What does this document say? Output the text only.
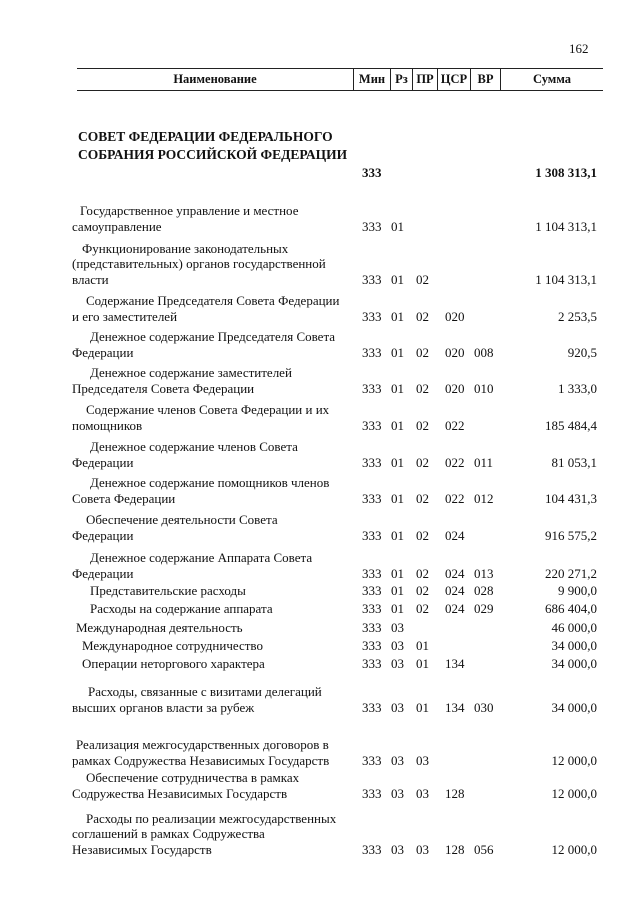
162
Наименование	Мин Рз ПР ЦСР ВР	Сумма
СОВЕТ ФЕДЕРАЦИИ ФЕДЕРАЛЬНОГО СОБРАНИЯ РОССИЙСКОЙ ФЕДЕРАЦИИ
333	1 308 313,1
Государственное управление и местное самоуправление	333 01	1 104 313,1
Функционирование законодательных (представительных) органов государственной власти	333 01 02	1 104 313,1
Содержание Председателя Совета Федерации и его заместителей	333 01 02 020	2 253,5
Денежное содержание Председателя Совета Федерации	333 01 02 020 008	920,5
Денежное содержание заместителей Председателя Совета Федерации	333 01 02 020 010	1 333,0
Содержание членов Совета Федерации и их помощников	333 01 02 022	185 484,4
Денежное содержание членов Совета Федерации	333 01 02 022 011	81 053,1
Денежное содержание помощников членов Совета Федерации	333 01 02 022 012	104 431,3
Обеспечение деятельности Совета Федерации	333 01 02 024	916 575,2
Денежное содержание Аппарата Совета Федерации	333 01 02 024 013	220 271,2
Представительские расходы	333 01 02 024 028	9 900,0
Расходы на содержание аппарата	333 01 02 024 029	686 404,0
Международная деятельность	333 03	46 000,0
Международное сотрудничество	333 03 01	34 000,0
Операции неторгового характера	333 03 01 134	34 000,0
Расходы, связанные с визитами делегаций высших органов власти за рубеж	333 03 01 134 030	34 000,0
Реализация межгосударственных договоров в рамках Содружества Независимых Государств	333 03 03	12 000,0
Обеспечение сотрудничества в рамках Содружества Независимых Государств	333 03 03 128	12 000,0
Расходы по реализации межгосударственных соглашений в рамках Содружества Независимых Государств	333 03 03 128 056	12 000,0
